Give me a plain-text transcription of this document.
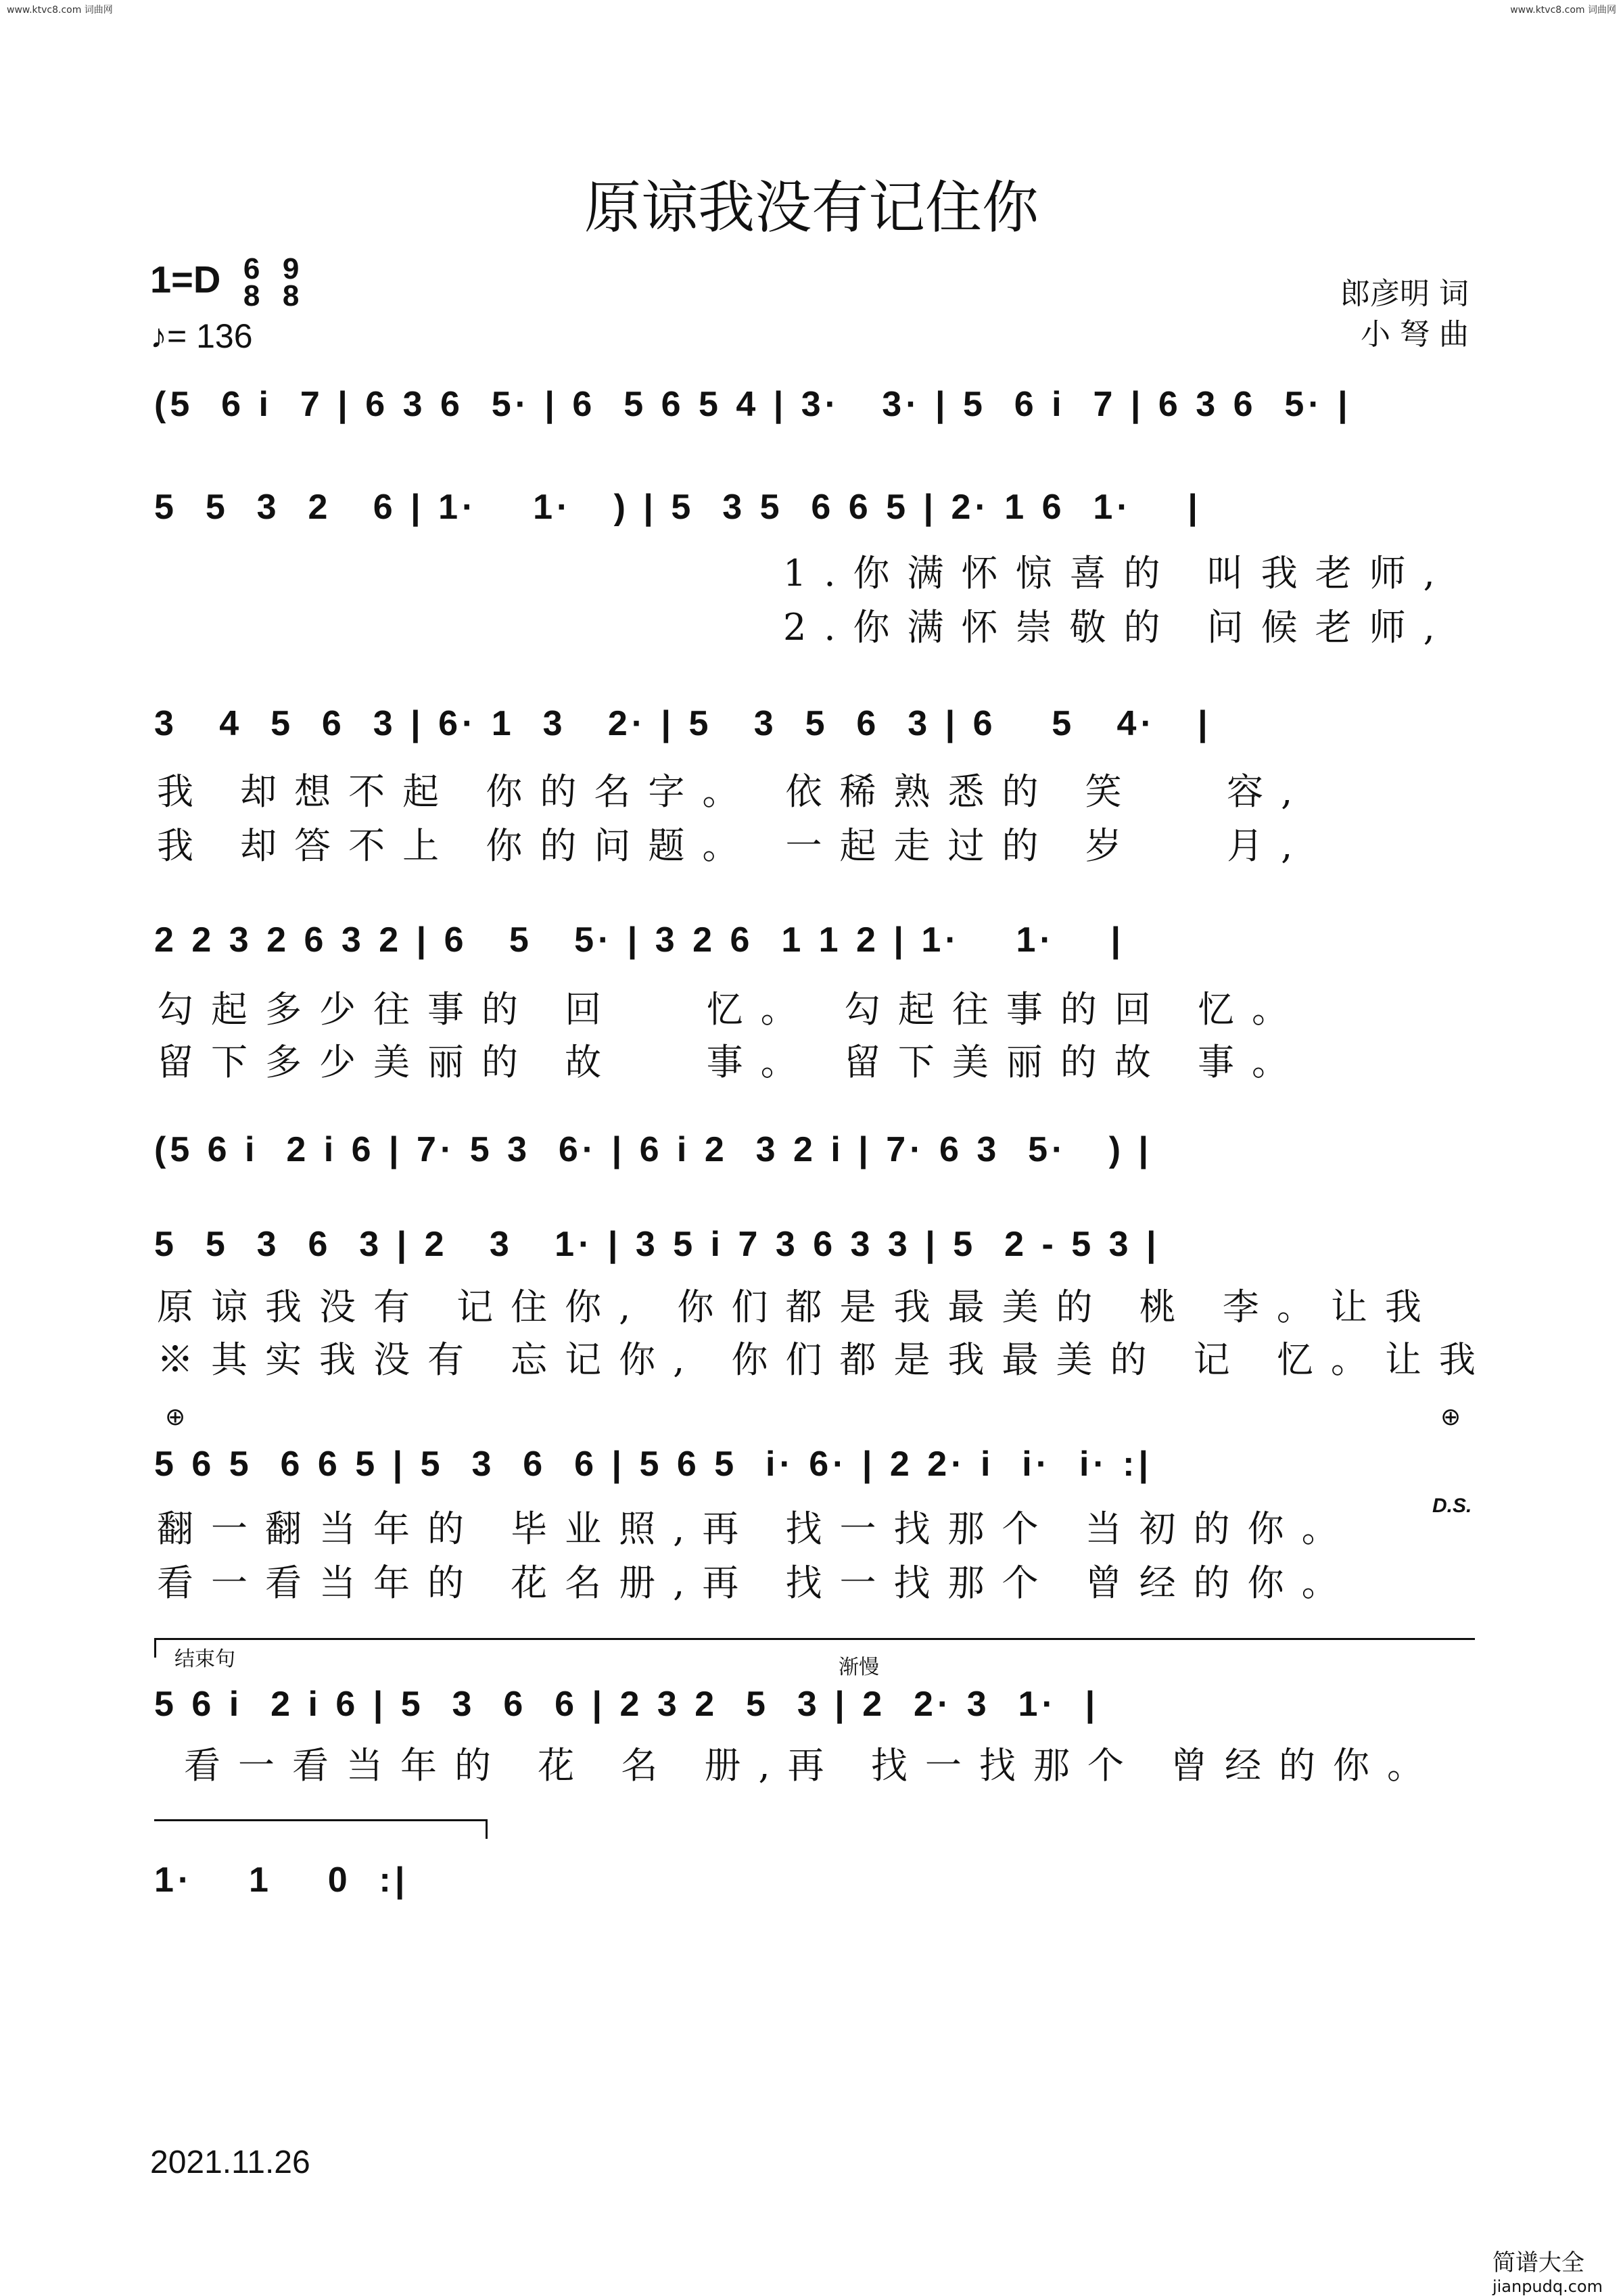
www.ktvc8.com 词曲网	www.ktvc8.com 词曲网
原谅我没有记住你
1=D 6
8

9
8
♪= 136
郎彦明 词
小 弩 曲
(5  6 i  7 | 6 3 6  5· | 6  5 6 5 4 | 3·   3· | 5  6 i  7 | 6 3 6  5· |
5  5  3  2   6 | 1·    1·   ) | 5  3 5  6 6 5 | 2· 1 6  1·    |
1.你满怀惊喜的 叫我老师,
2.你满怀崇敬的 问候老师,
3   4  5  6  3 | 6· 1  3   2· | 5   3  5  6  3 | 6    5   4·   |
我 却想不起 你的名字。 依稀熟悉的 笑   容,
我 却答不上 你的问题。 一起走过的 岁   月,
2 2 3 2 6 3 2 | 6   5   5· | 3 2 6  1 1 2 | 1·    1·    |
勾起多少往事的 回   忆。 勾起往事的回 忆。
留下多少美丽的 故   事。 留下美丽的故 事。
(5 6 i  2 i 6 | 7· 5 3  6· | 6 i 2  3 2 i | 7· 6 3  5·   ) |
5  5  3  6  3 | 2   3   1· | 3 5 i 7 3 6 3 3 | 5  2 - 5 3 |
原谅我没有 记住你, 你们都是我最美的 桃 李。让我
※其实我没有 忘记你, 你们都是我最美的 记 忆。让我
⊕	⊕
5 6 5  6 6 5 | 5  3  6  6 | 5 6 5  i· 6· | 2 2· i  i·  i· :|
翻一翻当年的 毕业照,再 找一找那个 当初的你。
看一看当年的 花名册,再 找一找那个 曾经的你。
D.S.
结束句	渐慢
5 6 i  2 i 6 | 5  3  6  6 | 2 3 2  5  3 | 2  2· 3  1·  |
看一看当年的 花 名 册,再 找一找那个 曾经的你。
1·    1    0  :|
2021.11.26
简谱大全
jianpudq.com
